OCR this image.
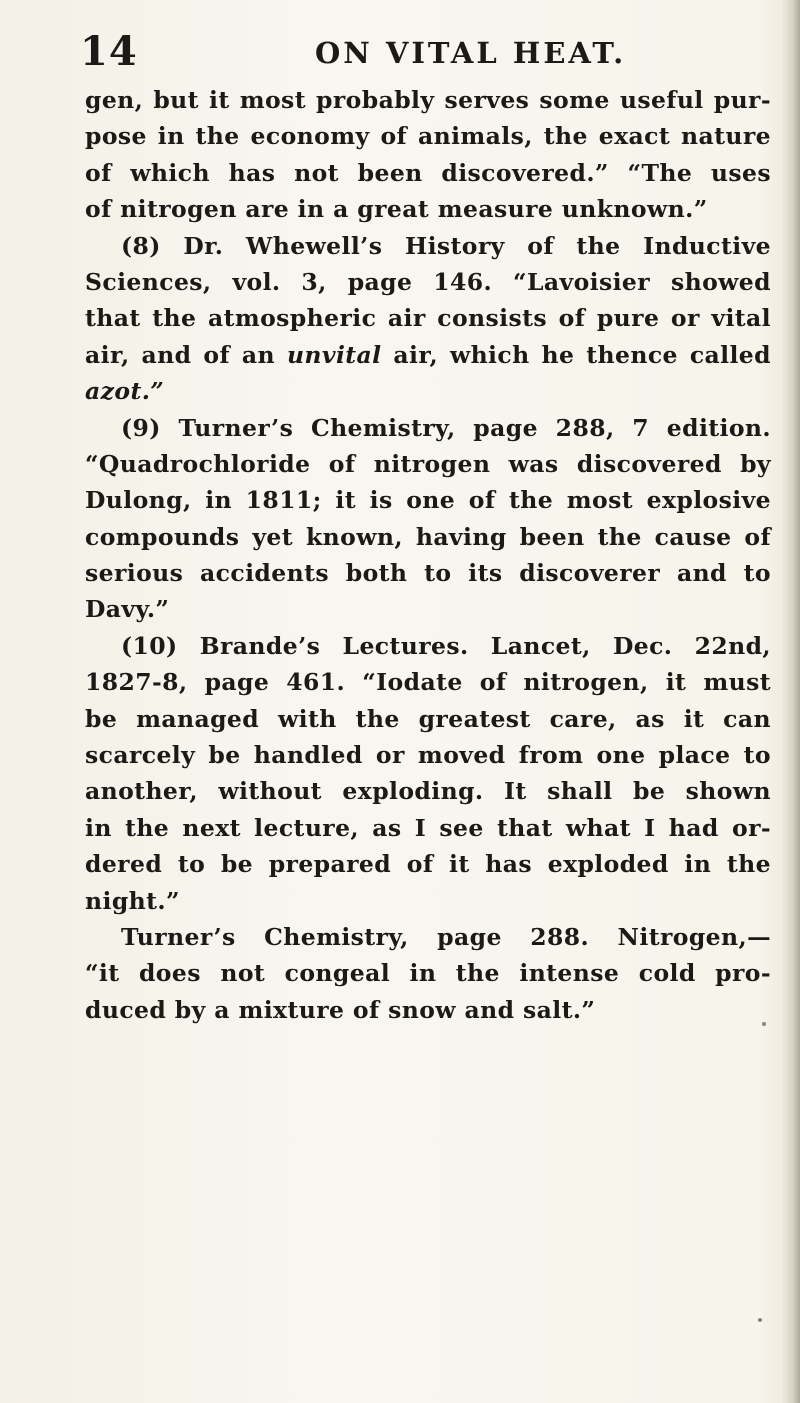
14	ON VITAL HEAT.
gen, but it most probably serves some useful pur-
pose in the economy of animals, the exact nature
of which has not been discovered.” “The uses
of nitrogen are in a great measure unknown.”
(8) Dr. Whewell’s History of the Inductive
Sciences, vol. 3, page 146. “Lavoisier showed
that the atmospheric air consists of pure or vital
air, and of an unvital air, which he thence called
azot.”
(9) Turner’s Chemistry, page 288, 7 edition.
“Quadrochloride of nitrogen was discovered by
Dulong, in 1811; it is one of the most explosive
compounds yet known, having been the cause of
serious accidents both to its discoverer and to
Davy.”
(10) Brande’s Lectures. Lancet, Dec. 22nd,
1827-8, page 461. “Iodate of nitrogen, it must
be managed with the greatest care, as it can
scarcely be handled or moved from one place to
another, without exploding. It shall be shown
in the next lecture, as I see that what I had or-
dered to be prepared of it has exploded in the
night.”
Turner’s Chemistry, page 288. Nitrogen,—
“it does not congeal in the intense cold pro-
duced by a mixture of snow and salt.”
